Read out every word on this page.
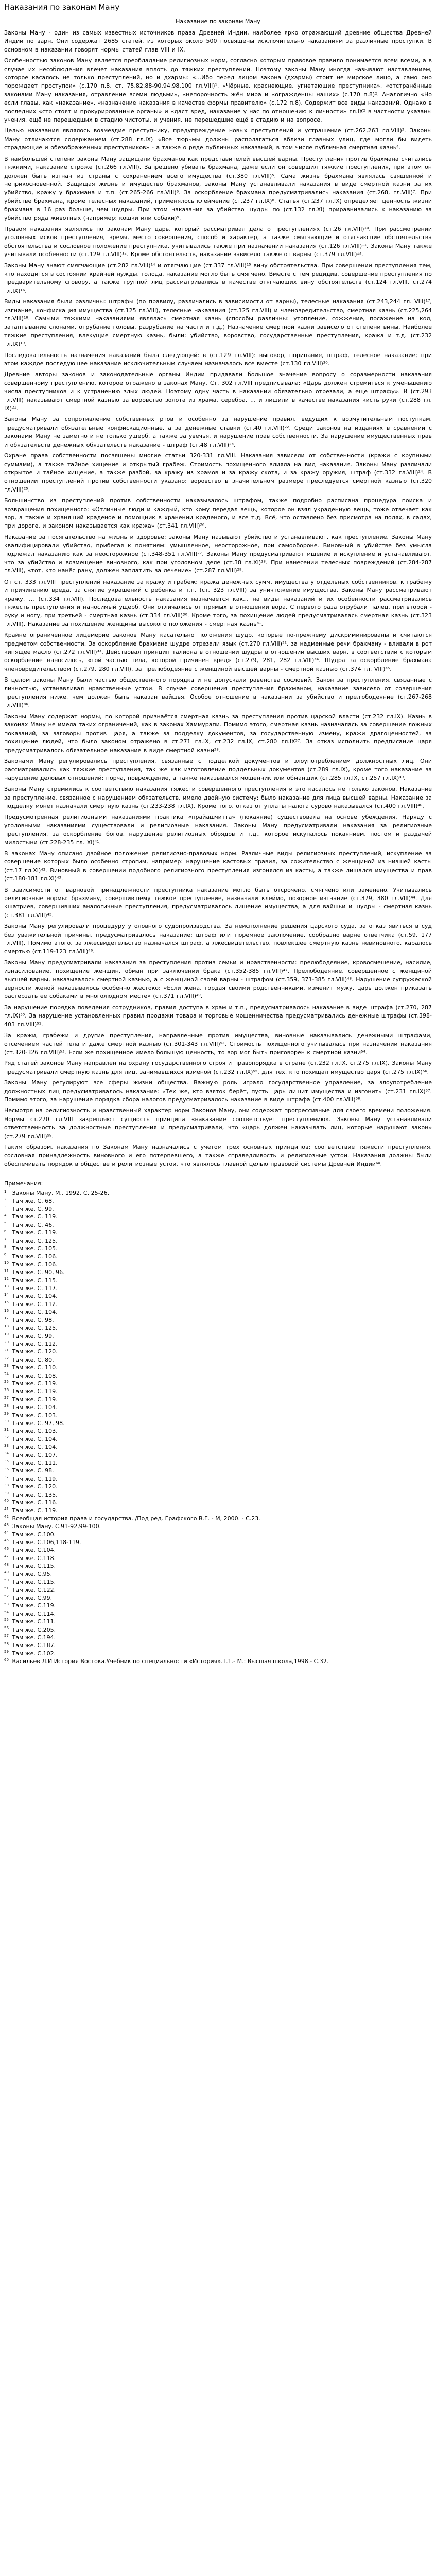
Наказания по законам Ману
Наказание по законам Ману

Законы Ману - один из самых известных источников права Древней Индии, наиболее ярко отражающий древние общества Древней Индии по варн. Они содержат 2685 статей, из которых около 500 посвящены исключительно наказаниям за различные проступки. В основном в наказании говорят нормы статей глав VIII и IX.

Особенностью законов Ману является преобладание религиозных норм, согласно которым правовое правило понимается всем всеми, а в случае их несоблюдения влечёт наказания вплоть до тяжких преступлений. Поэтому законы Ману иногда называют наставлением, которое касалось не только преступлений, но и дхармы: «...Ибо перед лицом закона (дхармы) стоит не мирское лицо, а само оно порождает проступок» (с.170 п.8, ст. 75,82,88-90,94,98,100 гл.VIII)¹. «Чёрные, краснеющие, угнетающие преступника», «отстранённые законами Ману наказания, отравление всеми людьми», «непорочность жён мира и «огражденцы наших» (с.170 п.8)². Аналогично «Но если главы, как «наказание», «назначение наказания в качестве формы правителю» (с.172 п.8). Содержит все виды наказаний. Однако в последних «сто стоят и прокурированные органы» и «даст вред, наказание у нас по отношению к личности» гл.IX² в частности указаны учения, ещё не перешедших в стадию чистоты, и учения, не перешедшие ещё в стадию и на вопросе.

Целью наказания являлось возмездие преступнику, предупреждение новых преступлений и устрашение (ст.262,263 гл.VIII)³. Законы Ману отличаются содержанием (ст.288 гл.IX) «Все тюрьмы должны располагаться вблизи главных улиц, где могли бы видеть страдающие и обезображенных преступников» - а также о ряде публичных наказаний, в том числе публичная смертная казнь⁴.

В наибольшей степени законы Ману защищали брахманов как представителей высшей варны. Преступления против брахмана считались тяжкими, наказание строже (ст.266 гл.VIII). Запрещено убивать брахмана, даже если он совершил тяжкие преступления, при этом он должен быть изгнан из страны с сохранением всего имущества (ст.380 гл.VIII)⁵. Сама жизнь брахмана являлась священной и неприкосновенной. Защищая жизнь и имущество брахманов, законы Ману устанавливали наказания в виде смертной казни за их убийство, кражу у брахмана и т.п. (ст.265-266 гл.VIII)⁶. За оскорбление брахмана предусматривались наказания (ст.268, гл.VIII)⁷. При убийстве брахмана, кроме телесных наказаний, применялось клеймение (ст.237 гл.IX)⁸. Статья (ст.237 гл.IX) определяет ценность жизни брахмана в 16 раз больше, чем шудры. При этом наказания за убийство шудры по (ст.132 гл.XI) приравнивались к наказанию за убийство ряда животных (например: кошки или собаки)⁹.

Правом наказания являлись по законам Ману царь, который рассматривал дела о преступлениях (ст.26 гл.VIII)¹⁰. При рассмотрении уголовных исков преступления, время, место совершения, способ и характер, а также смягчающие и отягчающие обстоятельства обстоятельства и сословное положение преступника, учитывались также при назначении наказания (ст.126 гл.VIII)¹¹. Законы Ману также учитывали особенности (ст.129 гл.VIII)¹². Кроме обстоятельств, наказание зависело также от варны (ст.379 гл.VIII)¹³.

Законы Ману знают смягчающие (ст.282 гл.VIII)¹⁴ и отягчающие (ст.337 гл.VIII)¹⁵ вину обстоятельства. При совершении преступления тем, кто находится в состоянии крайней нужды, голода, наказание могло быть смягчено. Вместе с тем рецидив, совершение преступления по предварительному сговору, а также группой лиц рассматривались в качестве отягчающих вину обстоятельств (ст.124 гл.VIII, ст.274 гл.IX)¹⁶.

Виды наказания были различны: штрафы (по правилу, различались в зависимости от варны), телесные наказания (ст.243,244 гл. VIII)¹⁷, изгнание, конфискация имущества (ст.125 гл.VIII), телесные наказания (ст.125 гл.VIII) и членовредительство, смертная казнь (ст.225,264 гл.VIII)¹⁸. Самыми тяжкими наказаниями являлась смертная казнь (способы различны: утопление, сожжение, посажение на кол, затаптывание слонами, отрубание головы, разрубание на части и т.д.) Назначение смертной казни зависело от степени вины. Наиболее тяжкие преступления, влекущие смертную казнь, были: убийство, воровство, государственные преступления, кража и т.д. (ст.232 гл.IX)¹⁹.

Последовательность назначения наказаний была следующей: в (ст.129 гл.VIII): выговор, порицание, штраф, телесное наказание; при этом каждое последующее наказание исключительным случаем назначалось все вместе (ст.130 гл.VIII)²⁰.

Древние авторы законов и законодательные органы Индии придавали большое значение вопросу о соразмерности наказания совершённому преступлению, которое отражено в законах Ману. Ст. 302 гл.VIII предписывала: «Царь должен стремиться к уменьшению числа преступников и к устранению злых людей. Поэтому одну часть в наказании обязательно отрезали, а ещё штрафу». В (ст.293 гл.VIII) наказывают смертной казнью за воровство золота из храма, серебра, ... и лишили в качестве наказания кисть руки (ст.288 гл. IX)²¹.

Законы Ману за сопротивление собственных ртов и особенно за нарушение правил, ведущих к возмутительным поступкам, предусматривали обязательные конфискационные, а за денежные ставки (ст.40 гл.VIII)²². Среди законов на изданиях в сравнении с законами Ману не заметно и не только ущерб, а также за увечья, и нарушение прав собственности. За нарушение имущественных прав и обязательств денежных обязательств наказание - штраф (ст.48 гл.VIII)²³.

Охране права собственности посвящены многие статьи 320-331 гл.VIII. Наказания зависели от собственности (кражи с крупными суммами), а также тайное хищение и открытый грабеж. Стоимость похищенного влияла на вид наказания. Законы Ману различали открытое и тайное хищение, а также разбой, за кражу из храмов и за кражу скота, и за кражу оружия, штраф (ст.332 гл.VIII)²⁴. В отношении преступлений против собственности указано: воровство в значительном размере преследуется смертной казнью (ст.320 гл.VIII)²⁵.

Большинство из преступлений против собственности наказывалось штрафом, также подробно расписана процедура поиска и возвращения похищенного: «Отличные люди и каждый, кто кому передал вещь, которое он взял украденную вещь, тоже отвечает как вор, а также и хранящий краденое и помощник в хранении краденого, и все т.д. Всё, что оставлено без присмотра на полях, в садах, при дороге, и законом наказывается как кража» (ст.341 гл.VIII)²⁶.

Наказание за посягательство на жизнь и здоровье: законы Ману называют убийство и устанавливают, как преступление. Законы Ману квалифицировали убийство, прибегая к понятиям: умышленное, неосторожное, при самообороне. Виновный в убийстве без умысла подлежал наказанию как за неосторожное (ст.348-351 гл.VIII)²⁷. Законы Ману предусматривают мщение и искупление и устанавливают, что за убийство и возмещение виновного, как при уголовном деле (ст.38 гл.XI)²⁸. При нанесении телесных повреждений (ст.284-287 гл.VIII), «тот, кто нанёс рану, должен заплатить за лечение» (ст.287 гл.VIII)²⁹.

От ст. 333 гл.VIII преступлений наказание за кражу и грабёж: кража денежных сумм, имущества у отдельных собственников, к грабежу и причинению вреда, за снятие украшений с ребёнка и т.п. (ст. 323 гл.VIII) за уничтожение имущества. Законы Ману рассматривают кражу, ... (ст.334 гл.VIII). Последовательность наказания назначается как... на виды наказаний и их особенности рассматривались тяжесть преступления и наносимый ущерб. Они отличались от прямых в отношении вора. С первого раза отрубали палец, при второй - руку и ногу, при третьей - смертная казнь (ст.334 гл.VIII)³⁰. Кроме того, за похищение людей предусматривалась смертная казнь (ст.323 гл.VIII). Наказание за похищение женщины высокого положения - смертная казнь³¹.

Крайне ограниченное лицемерие законов Ману касательно положения шудр, которые по-прежнему дискриминированы и считаются предметом собственности. За оскорбление брахмана шудре отрезали язык (ст.270 гл.VIII)³², за надменные речи брахману - вливали в рот кипящее масло (ст.272 гл.VIII)³³. Действовал принцип талиона в отношении шудры в отношении высших варн, в соответствии с которым оскорбление наносилось, «той частью тела, которой причинён вред» (ст.279, 281, 282 гл.VIII)³⁴. Шудра за оскорбление брахмана членовредительством (ст.279, 280 гл.VIII), за прелюбодеяние с женщиной высшей варны - смертной казнью (ст.374 гл. VIII)³⁵.

В целом законы Ману были частью общественного порядка и не допускали равенства сословий. Закон за преступления, связанные с личностью, устанавливал нравственные устои. В случае совершения преступления брахманом, наказание зависело от совершения преступления ниже, чем должен быть наказан вайшья. Особое отношение в наказании за убийство и прелюбодеяние (ст.267-268 гл.VIII)³⁶.

Законы Ману содержат нормы, по которой признаётся смертная казнь за преступления против царской власти (ст.232 гл.IX). Казнь в законах Ману не имела таких ограничений, как в законах Хаммурапи. Помимо этого, смертная казнь назначалась за совершение ложных показаний, за заговоры против царя, а также за подделку документов, за государственную измену, кражи драгоценностей, за похищение людей, что было законом отражено в ст.271 гл.IX, ст.232 гл.IX, ст.280 гл.IX³⁷. За отказ исполнить предписание царя предусматривалось обязательное наказание в виде смертной казни³⁸.

Законами Ману регулировались преступления, связанные с подделкой документов и злоупотреблением должностных лиц. Они рассматривались как тяжкие преступления, так же как изготовление поддельных документов (ст.289 гл.IX), кроме того наказание за нарушение деловых отношений: порча, повреждение, а также наказывался мошенник или обманщик (ст.285 гл.IX, ст.257 гл.IX)³⁹.

Законы Ману стремились к соответствию наказания тяжести совершённого преступления и это касалось не только законов. Наказание за преступление, связанное с нарушением обязательств, имело двойную систему: было наказание для лица высшей варны. Наказание за подделку монет назначали смертную казнь (ст.233-238 гл.IX). Кроме того, отказ от уплаты налога сурово наказывался (ст.400 гл.VIII)⁴⁰.

Предусмотренная религиозными наказаниями практика «прайашчитта» (покаяние) существовала на основе убеждения. Наряду с уголовными наказаниями существовали и религиозные наказания. Законы Ману предусматривали наказания за религиозные преступления, за оскорбление богов, нарушение религиозных обрядов и т.д., которое искупалось покаянием, постом и раздачей милостыни (ст.228-235 гл. XI)⁴¹.

В законах Ману описано двойное положение религиозно-правовых норм. Различные виды религиозных преступлений, искупление за совершение которых было особенно строгим, например: нарушение кастовых правил, за сожительство с женщиной из низшей касты (ст.17 гл.XI)⁴². Виновный в совершении подобного религиозного преступления изгонялся из касты, а также лишался имущества и прав (ст.180-181 гл.XI)⁴³.

В зависимости от варновой принадлежности преступника наказание могло быть отсрочено, смягчено или заменено. Учитывались религиозные нормы: брахману, совершившему тяжкое преступление, назначали клеймо, позорное изгнание (ст.379, 380 гл.VIII)⁴⁴. Для кшатриев, совершивших аналогичные преступления, предусматривалось лишение имущества, а для вайшьи и шудры - смертная казнь (ст.381 гл.VIII)⁴⁵.

Законы Ману регулировали процедуру уголовного судопроизводства. За неисполнение решения царского суда, за отказ явиться в суд без уважительной причины, предусматривалось наказание: штраф или тюремное заключение, сообразно варне ответчика (ст.59, 177 гл.VIII). Помимо этого, за лжесвидетельство назначался штраф, а лжесвидетельство, повлёкшее смертную казнь невиновного, каралось смертью (ст.119-123 гл.VIII)⁴⁶.

Законы Ману предусматривали наказания за преступления против семьи и нравственности: прелюбодеяние, кровосмешение, насилие, изнасилование, похищение женщин, обман при заключении брака (ст.352-385 гл.VIII)⁴⁷. Прелюбодеяние, совершённое с женщиной высшей варны, наказывалось смертной казнью, а с женщиной своей варны - штрафом (ст.359, 371-385 гл.VIII)⁴⁸. Нарушение супружеской верности женой наказывалось особенно жестоко: «Если жена, гордая своими родственниками, изменит мужу, царь должен приказать растерзать её собаками в многолюдном месте» (ст.371 гл.VIII)⁴⁹.

За нарушение порядка поведения сотрудников, правил доступа в храм и т.п., предусматривалось наказание в виде штрафа (ст.270, 287 гл.IX)⁵⁰. За нарушение установленных правил продажи товара и торговые мошенничества предусматривались денежные штрафы (ст.398-403 гл.VIII)⁵¹.

За кражи, грабежи и другие преступления, направленные против имущества, виновные наказывались денежными штрафами, отсечением частей тела и даже смертной казнью (ст.301-343 гл.VIII)⁵². Стоимость похищенного учитывалась при назначении наказания (ст.320-326 гл.VIII)⁵³. Если же похищенное имело большую ценность, то вор мог быть приговорён к смертной казни⁵⁴.

Ряд статей законов Ману направлен на охрану государственного строя и правопорядка в стране (ст.232 гл.IX, ст.275 гл.IX). Законы Ману предусматривали смертную казнь для лиц, занимавшихся изменой (ст.232 гл.IX)⁵⁵, для тех, кто похищал имущество царя (ст.275 гл.IX)⁵⁶.

Законы Ману регулируют все сферы жизни общества. Важную роль играло государственное управление, за злоупотребление должностных лиц предусматривалось наказание: «Тех же, кто взяток берёт, пусть царь лишит имущества и изгонит» (ст.231 гл.IX)⁵⁷. Помимо этого, за нарушение порядка сбора налогов предусматривалось наказание в виде штрафа (ст.400 гл.VIII)⁵⁸.

Несмотря на религиозность и нравственный характер норм Законов Ману, они содержат прогрессивные для своего времени положения. Нормы ст.270 гл.VIII закрепляют сущность принципа «наказание соответствует преступлению». Законы Ману устанавливали ответственность за должностные преступления и предусматривали, что «царь должен наказывать лиц, которые нарушают закон» (ст.279 гл.VIII)⁵⁹.

Таким образом, наказания по Законам Ману назначались с учётом трёх основных принципов: соответствие тяжести преступления, сословная принадлежность виновного и его потерпевшего, а также справедливость и религиозные устои. Наказания должны были обеспечивать порядок в обществе и религиозные устои, что являлось главной целью правовой системы Древней Индии⁶⁰.

Примечания:
1 Законы Ману. М., 1992. С. 25-26.
2 Там же. С. 68.
3 Там же. С. 99.
4 Там же. С. 119.
5 Там же. С. 46.
6 Там же. С. 119.
7 Там же. С. 125.
8 Там же. С. 105.
9 Там же. С. 106.
10 Там же. С. 106.
11 Там же. С. 90, 96.
12 Там же. С. 115.
13 Там же. С. 117.
14 Там же. С. 104.
15 Там же. С. 112.
16 Там же. С. 104.
17 Там же. С. 98.
18 Там же. С. 125.
19 Там же. С. 99.
20 Там же. С. 112.
21 Там же. С. 120.
22 Там же. С. 80.
23 Там же. С. 110.
24 Там же. С. 108.
25 Там же. С. 119.
26 Там же. С. 119.
27 Там же. С. 119.
28 Там же. С. 104.
29 Там же. С. 103.
30 Там же. С. 97, 98.
31 Там же. С. 103.
32 Там же. С. 104.
33 Там же. С. 104.
34 Там же. С. 107.
35 Там же. С. 111.
36 Там же. С. 98.
37 Там же. С. 119.
38 Там же. С. 120.
39 Там же. С. 135.
40 Там же. С. 116.
41 Там же. С. 119.
42 Всеобщая история права и государства. /Под ред. Графского В.Г. - М, 2000. - С.23.
43 Законы Ману. С.91-92,99-100.
44 Там же. С.100.
45 Там же. С.106,118-119.
46 Там же. С.104.
47 Там же. С.118.
48 Там же. С.115.
49 Там же. С.95.
50 Там же. С.115.
51 Там же. С.122.
52 Там же. С.99.
53 Там же. С.119.
54 Там же. С.114.
55 Там же. С.111.
56 Там же. С.205.
57 Там же. С.194.
58 Там же. С.187.
59 Там же. С.102.
60 Васильев Л.И История Востока.Учебник по специальности «История».Т.1.- М.: Высшая школа,1998.- С.32.
